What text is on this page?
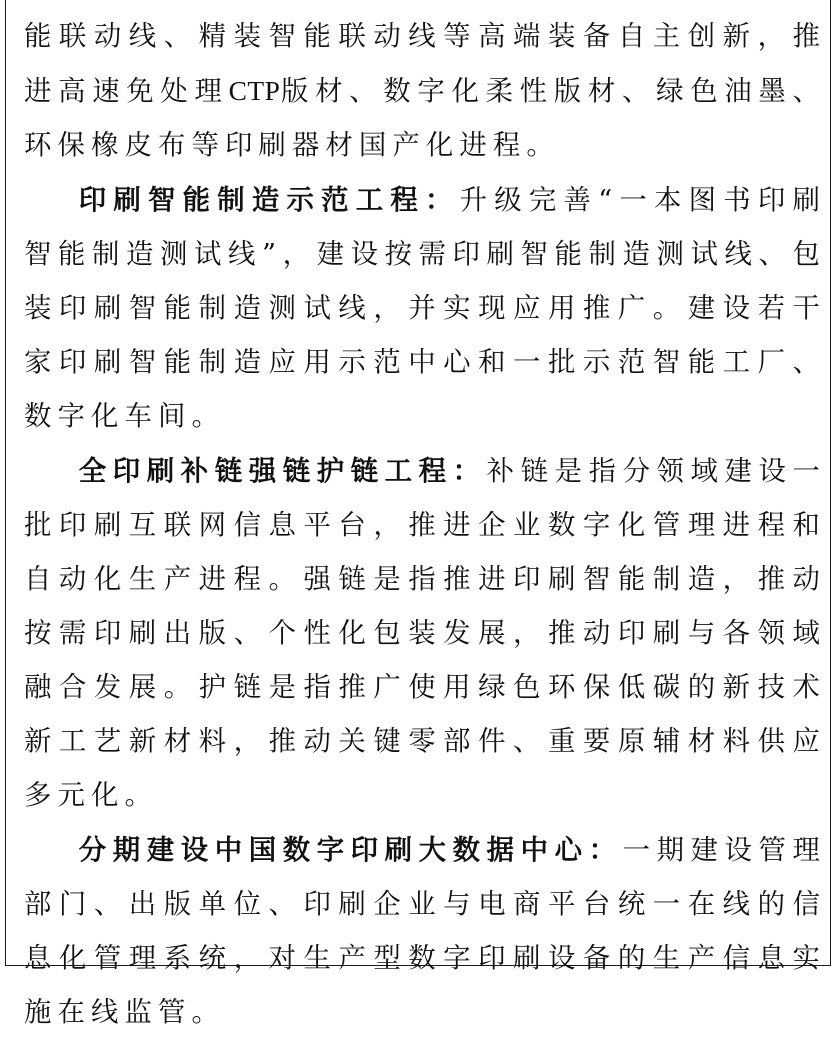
能联动线、精装智能联动线等高端装备自主创新，推进高速免处理CTP版材、数字化柔性版材、绿色油墨、环保橡皮布等印刷器材国产化进程。

印刷智能制造示范工程：升级完善“一本图书印刷智能制造测试线”，建设按需印刷智能制造测试线、包装印刷智能制造测试线，并实现应用推广。建设若干家印刷智能制造应用示范中心和一批示范智能工厂、数字化车间。

全印刷补链强链护链工程：补链是指分领域建设一批印刷互联网信息平台，推进企业数字化管理进程和自动化生产进程。强链是指推进印刷智能制造，推动按需印刷出版、个性化包装发展，推动印刷与各领域融合发展。护链是指推广使用绿色环保低碳的新技术新工艺新材料，推动关键零部件、重要原辅材料供应多元化。

分期建设中国数字印刷大数据中心：一期建设管理部门、出版单位、印刷企业与电商平台统一在线的信息化管理系统，对生产型数字印刷设备的生产信息实施在线监管。
